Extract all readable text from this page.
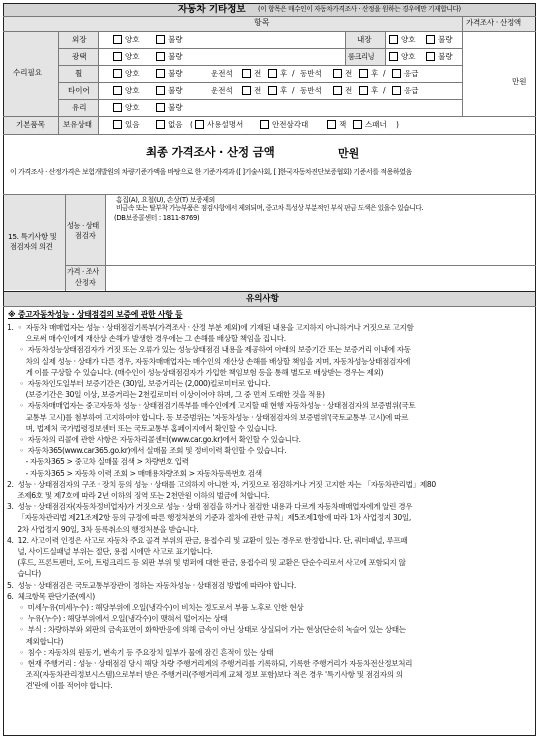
자동차 기타정보 (이 항목은 매수인이 자동차가격조사 · 산정을 원하는 경우에만 기재합니다)
항목	가격조사 · 산정액
수리필요
만원
외장	양호	불량	내장	양호	불량
광택	양호	불량	룸크리닝	양호	불량
휠	양호	불량	운전석	전	후 / 동반석	전	후 / 응급
타이어	양호	불량	운전석	전	후 / 동반석	전	후 / 응급
유리	양호	불량
기본품목 보유상태	있음	없음 ( 사용설명서	안전삼각대	잭	스패너 )
최종 가격조사 · 산정 금액	만원
이 가격조사 · 산정가격은 보험개발원의 차량기준가액을 바탕으로 한 기준가격과 ([ ]기술사회, [ ]한국자동차진단보증협회) 기준서를 적용하였음
15. 특기사항 및
점검자의 의견
성능 · 상태
점검자
흠집(A), 요철(U), 손상(T) 보증제외
비금속 또는 탈부착 가능부품은 점검사항에서 제외되며, 중고차 특성상 부분적인 부식 판금 도색은 있을수 있습니다.
(DB보증콜센터 : 1811-8769)
가격 · 조사
산정자
유의사항
※ 중고자동차성능 · 상태점검의 보증에 관한 사항 등
1.  ◦  자동차 매매업자는 성능 · 상태점검기록부(가격조사 · 산정 부분 제외)에 기재된 내용을 고지하지 아니하거나 거짓으로 고지함
으로써 매수인에게 재산상 손해가 발생한 경우에는 그 손해를 배상할 책임을 집니다.
◦  자동차성능상태점검자가 거짓 또는 오류가 있는 성능상태점검 내용을 제공하여 아래의 보증기간 또는 보증거리 이내에 자동
차의 실제 성능 · 상태가 다른 경우, 자동차매매업자는 매수인의 재산상 손해를 배상할 책임을 지며, 자동차성능상태점검자에
게 이를 구상할 수 있습니다. (매수인이 성능상태점검자가 가입한 책임보험 등을 통해 별도로 배상받는 경우는 제외)
◦  자동차인도일부터 보증기간은 (30)일, 보증거리는 (2,000)킬로미터로 합니다.
(보증기간은 30일 이상, 보증거리는 2천킬로미터 이상이어야 하며, 그 중 먼저 도래한 것을 적용)
◦  자동차매매업자는 중고자동차 성능 · 상태점검기록부를 매수인에게 고지할 때 현행 자동차성능 · 상태점검자의 보증범위(국토
교통부 고시)를 첨부하여 고지하여야 합니다. 동 보증범위는 '자동차성능 · 상태점검자의 보증범위'(국토교통부 고시)에 따르
며, 법제처 국가법령정보센터 또는 국토교통부 홈페이지에서 확인할 수 있습니다.
◦  자동차의 리콜에 관한 사항은 자동차리콜센터(www.car.go.kr)에서 확인할 수 있습니다.
◦  자동차365(www.car365.go.kr)에서 실매물 조회 및 정비이력 확인할 수 있습니다.
- 자동차365 > 중고차 실매물 검색 > 차량번호 입력
- 자동차365 > 자동차 이력 조회 > 매매용차량조회 > 자동차등록번호 검색
2.  성능 · 상태점검자의 구조 · 장치 등의 성능 · 상태를 고의하지 아니한 자, 거짓으로 점검하거나 거짓 고지한 자는 「자동차관리법」제80
조제6호 및 제7호에 따라 2년 이하의 징역 또는 2천만원 이하의 벌금에 처합니다.
3.  성능 · 상태점검자(자동차정비업자)가 거짓으로 성능 · 상태 점검을 하거나 점검한 내용과 다르게 자동차매매업자에게 알린 경우
「자동차관리법 제21조제2항 등의 규정에 따른 행정처분의 기준과 절차에 관한 규칙」제5조제1항에 따라 1차 사업정지 30일,
2차 사업정지 90일, 3차 등록취소의 행정처분을 받습니다.
4.  12. 사고이력 인정은 사고로 자동차 주요 골격 부위의 판금, 용접수리 및 교환이 있는 경우로 한정합니다. 단, 쿼터패널, 루프패
널, 사이드실패널 부위는 절단, 용접 시에만 사고로 표기합니다.
(후드, 프론트펜더, 도어, 트렁크리드 등 외판 부위 및 범퍼에 대한 판금, 용접수리 및 교환은 단순수리로서 사고에 포함되지 않
습니다)
5.  성능 · 상태점검은 국토교통부장관이 정하는 자동차성능 · 상태점검 방법에 따라야 합니다.
6.  체크항목 판단기준(예시)
◦  미세누유(미세누수) : 해당부위에 오일(냉각수)이 비치는 정도로서 부품 노후로 인한 현상
◦  누유(누수) : 해당부위에서 오일(냉각수)이 맺혀서 떨어지는 상태
◦  부식 : 차량하부와 외판의 금속표면이 화학반응에 의해 금속이 아닌 상태로 상실되어 가는 현상(단순히 녹슬어 있는 상태는
제외합니다)
◦  침수 : 자동차의 원동기, 변속기 등 주요장치 일부가 물에 잠긴 흔적이 있는 상태
◦  현재 주행거리 : 성능 · 상태점검 당시 해당 차량 주행거리계의 주행거리를 기록하되, 기록한 주행거리가 자동차전산정보처리
조직(자동차관리정보시스템)으로부터 받은 주행거리(주행거리계 교체 정보 포함)보다 적은 경우 '특기사항 및 점검자의 의
견'란에 이를 적어야 합니다.
